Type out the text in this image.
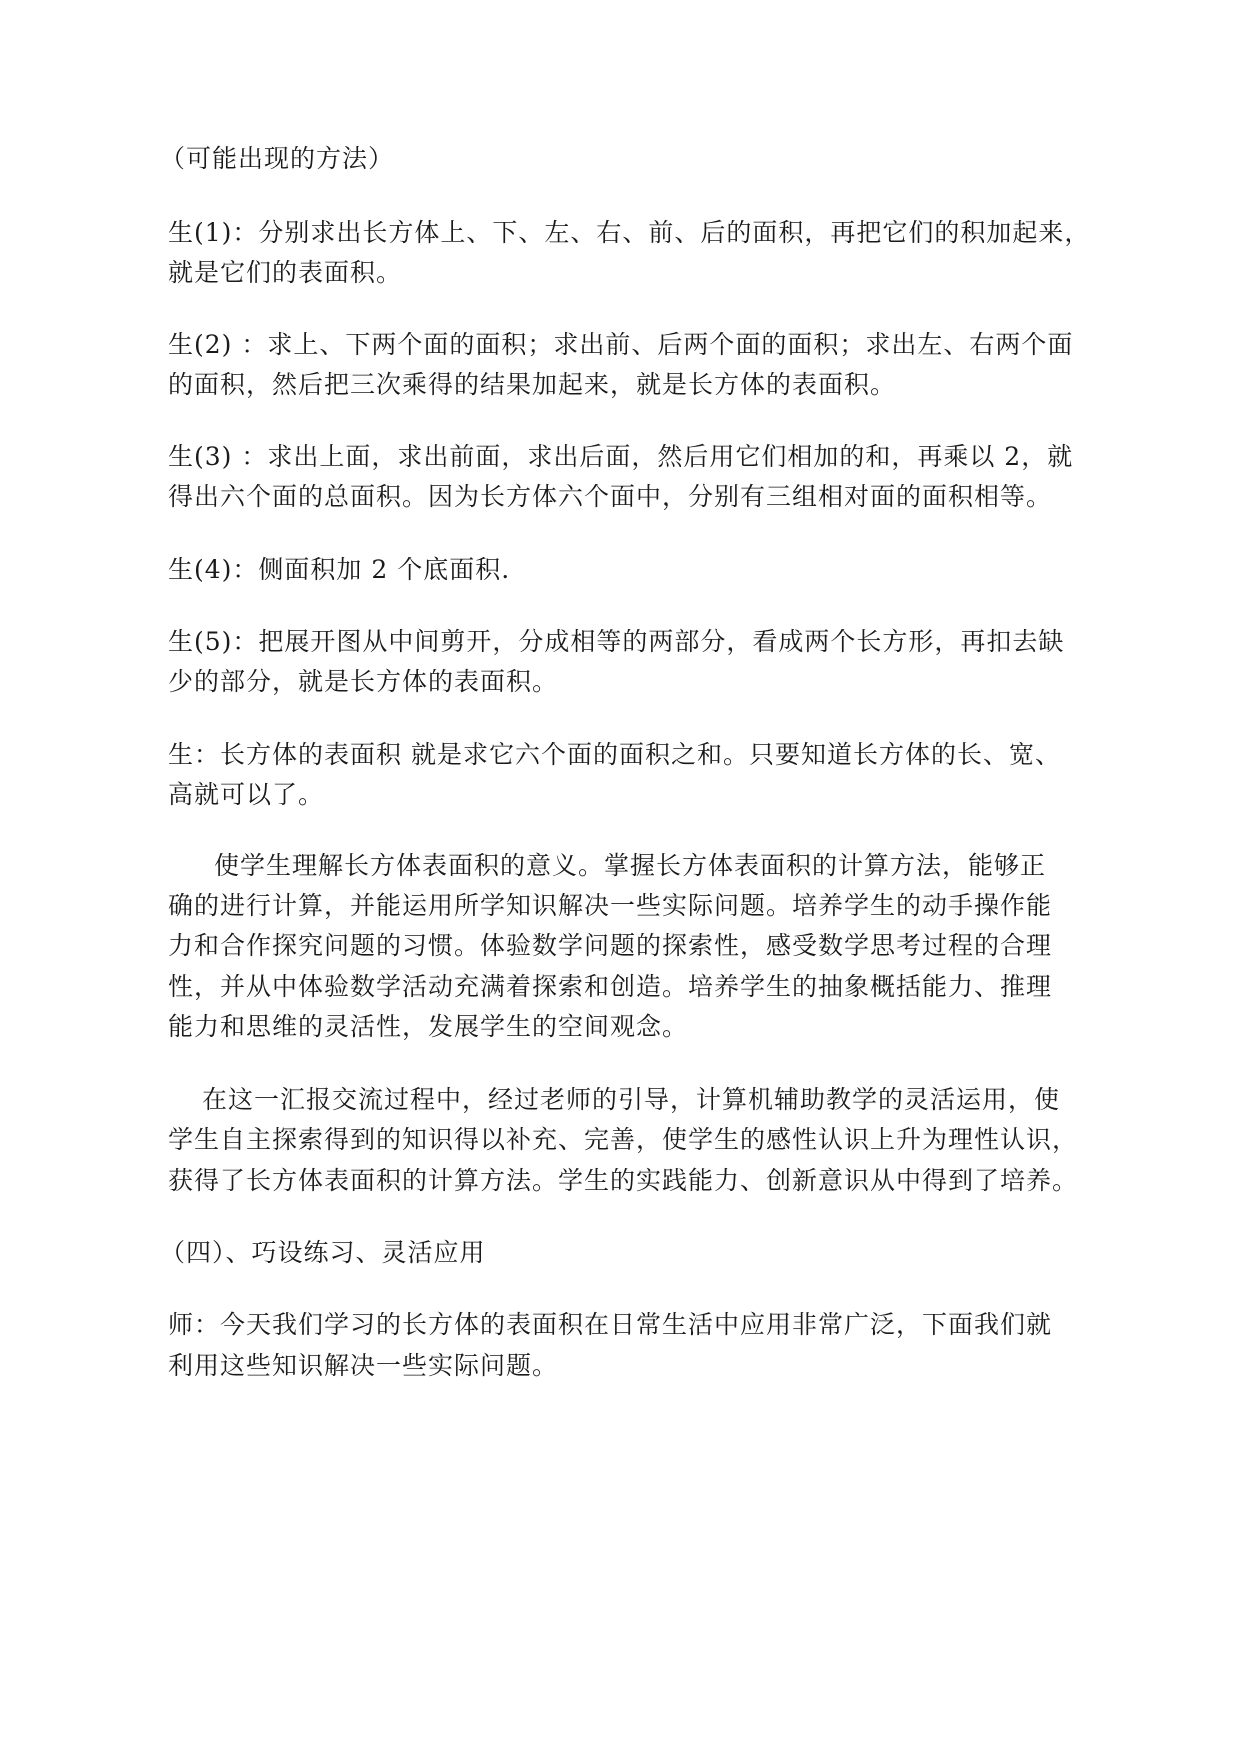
（可能出现的方法）
生(1)：分别求出长方体上、下、左、右、前、后的面积，再把它们的积加起来，
就是它们的表面积。
生(2) ：求上、下两个面的面积；求出前、后两个面的面积；求出左、右两个面
的面积，然后把三次乘得的结果加起来，就是长方体的表面积。
生(3) ：求出上面，求出前面，求出后面，然后用它们相加的和，再乘以 2，就
得出六个面的总面积。因为长方体六个面中，分别有三组相对面的面积相等。
生(4)：侧面积加 2 个底面积.
生(5)：把展开图从中间剪开，分成相等的两部分，看成两个长方形，再扣去缺
少的部分，就是长方体的表面积。
生：长方体的表面积 就是求它六个面的面积之和。只要知道长方体的长、宽、
高就可以了。
使学生理解长方体表面积的意义。掌握长方体表面积的计算方法，能够正
确的进行计算，并能运用所学知识解决一些实际问题。培养学生的动手操作能
力和合作探究问题的习惯。体验数学问题的探索性，感受数学思考过程的合理
性，并从中体验数学活动充满着探索和创造。培养学生的抽象概括能力、推理
能力和思维的灵活性，发展学生的空间观念。
在这一汇报交流过程中，经过老师的引导，计算机辅助教学的灵活运用，使
学生自主探索得到的知识得以补充、完善，使学生的感性认识上升为理性认识，
获得了长方体表面积的计算方法。学生的实践能力、创新意识从中得到了培养。
（四）、巧设练习、灵活应用
师：今天我们学习的长方体的表面积在日常生活中应用非常广泛，下面我们就
利用这些知识解决一些实际问题。
